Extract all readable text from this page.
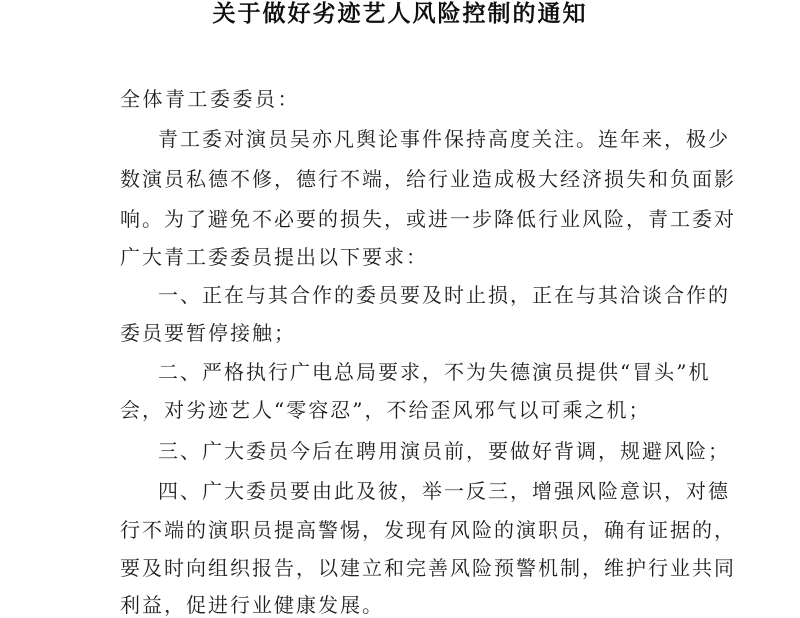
关于做好劣迹艺人风险控制的通知
全体青工委委员：
青工委对演员吴亦凡舆论事件保持高度关注。连年来，极少
数演员私德不修，德行不端，给行业造成极大经济损失和负面影
响。为了避免不必要的损失，或进一步降低行业风险，青工委对
广大青工委委员提出以下要求：
一、正在与其合作的委员要及时止损，正在与其洽谈合作的
委员要暂停接触；
二、严格执行广电总局要求，不为失德演员提供“冒头”机
会，对劣迹艺人“零容忍”，不给歪风邪气以可乘之机；
三、广大委员今后在聘用演员前，要做好背调，规避风险；
四、广大委员要由此及彼，举一反三，增强风险意识，对德
行不端的演职员提高警惕，发现有风险的演职员，确有证据的，
要及时向组织报告，以建立和完善风险预警机制，维护行业共同
利益，促进行业健康发展。
